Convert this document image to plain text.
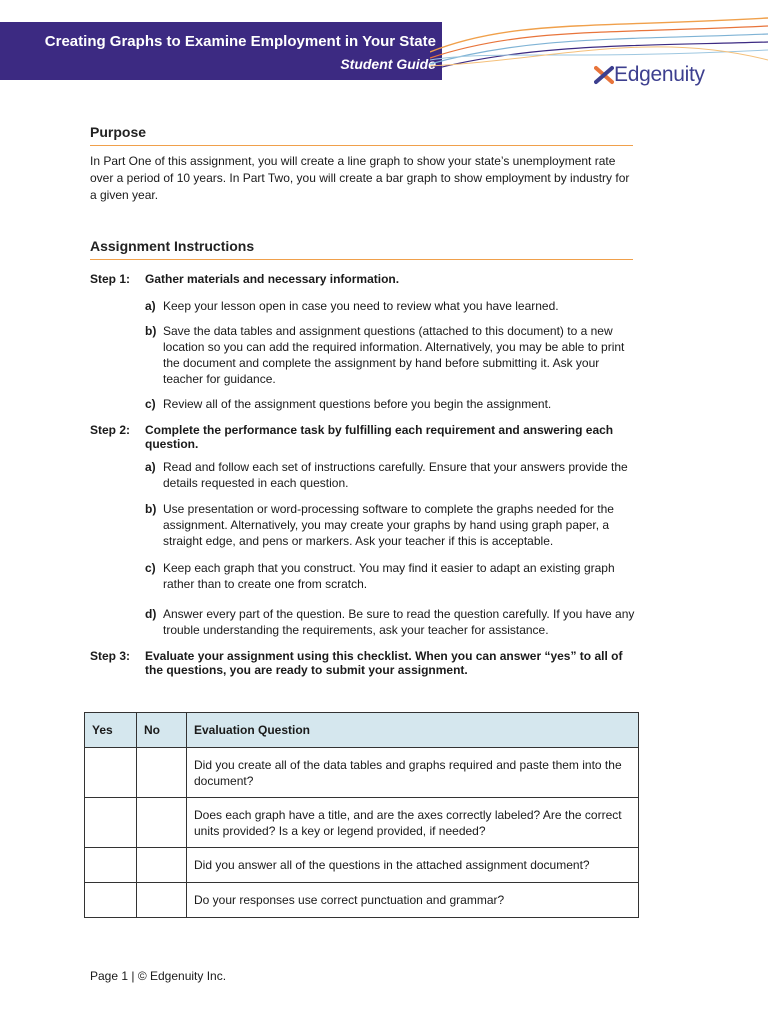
Creating Graphs to Examine Employment in Your State
Student Guide	Edgenuity
Purpose
In Part One of this assignment, you will create a line graph to show your state’s unemployment rate over a period of 10 years. In Part Two, you will create a bar graph to show employment by industry for a given year.
Assignment Instructions
Step 1: Gather materials and necessary information.
a) Keep your lesson open in case you need to review what you have learned.
b) Save the data tables and assignment questions (attached to this document) to a new location so you can add the required information. Alternatively, you may be able to print the document and complete the assignment by hand before submitting it. Ask your teacher for guidance.
c) Review all of the assignment questions before you begin the assignment.
Step 2: Complete the performance task by fulfilling each requirement and answering each question.
a) Read and follow each set of instructions carefully. Ensure that your answers provide the details requested in each question.
b) Use presentation or word-processing software to complete the graphs needed for the assignment. Alternatively, you may create your graphs by hand using graph paper, a straight edge, and pens or markers. Ask your teacher if this is acceptable.
c) Keep each graph that you construct. You may find it easier to adapt an existing graph rather than to create one from scratch.
d) Answer every part of the question. Be sure to read the question carefully. If you have any trouble understanding the requirements, ask your teacher for assistance.
Step 3: Evaluate your assignment using this checklist. When you can answer “yes” to all of the questions, you are ready to submit your assignment.
Yes	No	Evaluation Question
		Did you create all of the data tables and graphs required and paste them into the document?
		Does each graph have a title, and are the axes correctly labeled? Are the correct units provided? Is a key or legend provided, if needed?
		Did you answer all of the questions in the attached assignment document?
		Do your responses use correct punctuation and grammar?
Page 1 | © Edgenuity Inc.
